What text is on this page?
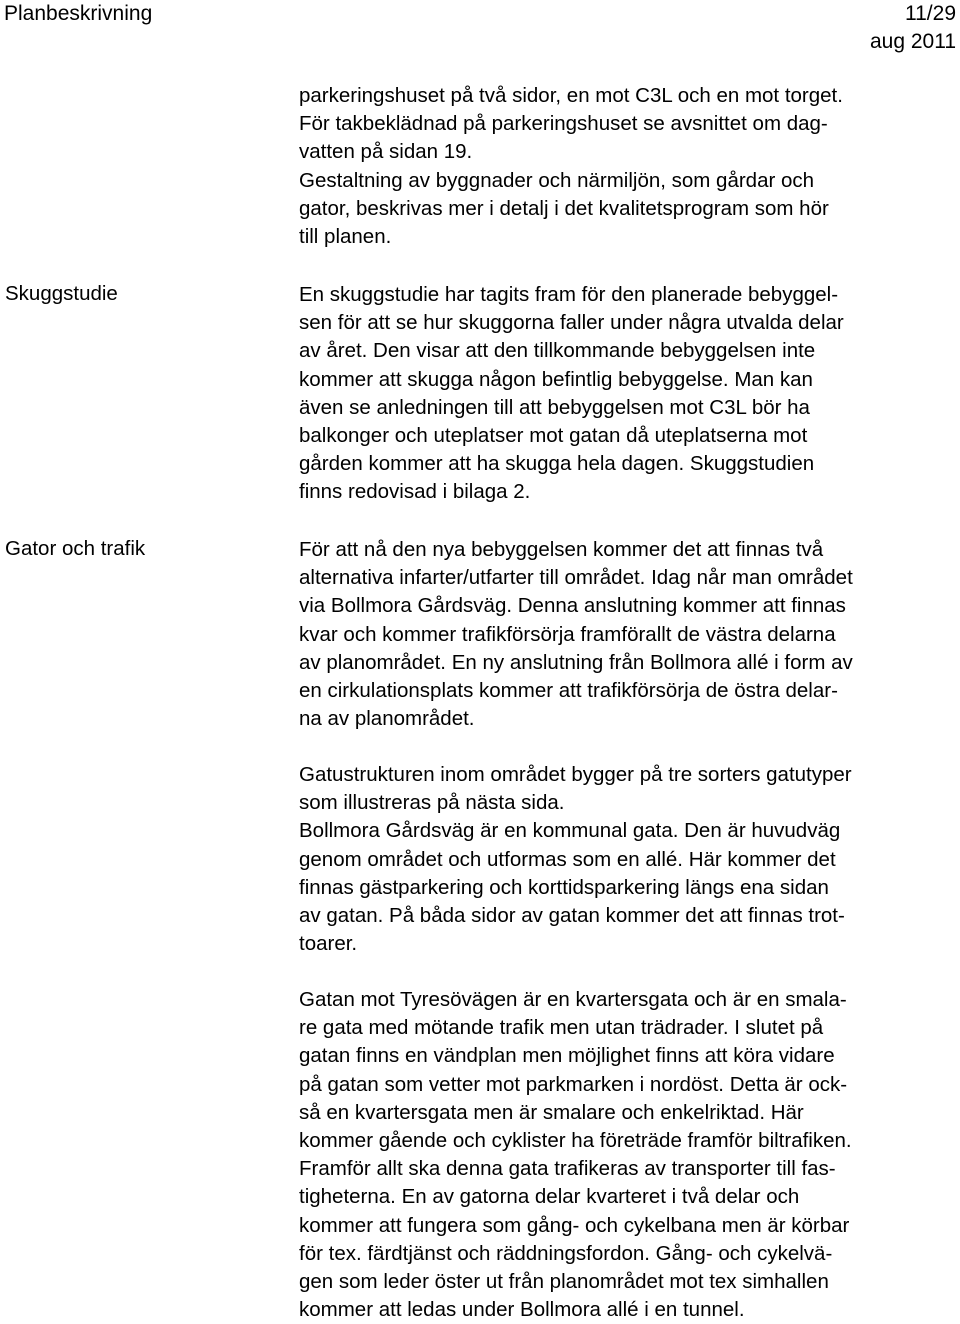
Planbeskrivning	11/29
aug 2011
Skuggstudie
Gator och trafik
parkeringshuset på två sidor, en mot C3L och en mot torget.
För takbeklädnad på parkeringshuset se avsnittet om dag-
vatten på sidan 19.
Gestaltning av byggnader och närmiljön, som gårdar och
gator, beskrivas mer i detalj i det kvalitetsprogram som hör
till planen.
En skuggstudie har tagits fram för den planerade bebyggel-
sen för att se hur skuggorna faller under några utvalda delar
av året. Den visar att den tillkommande bebyggelsen inte
kommer att skugga någon befintlig bebyggelse. Man kan
även se anledningen till att bebyggelsen mot C3L bör ha
balkonger och uteplatser mot gatan då uteplatserna mot
gården kommer att ha skugga hela dagen. Skuggstudien
finns redovisad i bilaga 2.
För att nå den nya bebyggelsen kommer det att finnas två
alternativa infarter/utfarter till området. Idag når man området
via Bollmora Gårdsväg. Denna anslutning kommer att finnas
kvar och kommer trafikförsörja framförallt de västra delarna
av planområdet. En ny anslutning från Bollmora allé i form av
en cirkulationsplats kommer att trafikförsörja de östra delar-
na av planområdet.
Gatustrukturen inom området bygger på tre sorters gatutyper
som illustreras på nästa sida.
Bollmora Gårdsväg är en kommunal gata. Den är huvudväg
genom området och utformas som en allé. Här kommer det
finnas gästparkering och korttidsparkering längs ena sidan
av gatan. På båda sidor av gatan kommer det att finnas trot-
toarer.
Gatan mot Tyresövägen är en kvartersgata och är en smala-
re gata med mötande trafik men utan trädrader. I slutet på
gatan finns en vändplan men möjlighet finns att köra vidare
på gatan som vetter mot parkmarken i nordöst. Detta är ock-
så en kvartersgata men är smalare och enkelriktad. Här
kommer gående och cyklister ha företräde framför biltrafiken.
Framför allt ska denna gata trafikeras av transporter till fas-
tigheterna. En av gatorna delar kvarteret i två delar och
kommer att fungera som gång- och cykelbana men är körbar
för tex. färdtjänst och räddningsfordon. Gång- och cykelvä-
gen som leder öster ut från planområdet mot tex simhallen
kommer att ledas under Bollmora allé i en tunnel.
